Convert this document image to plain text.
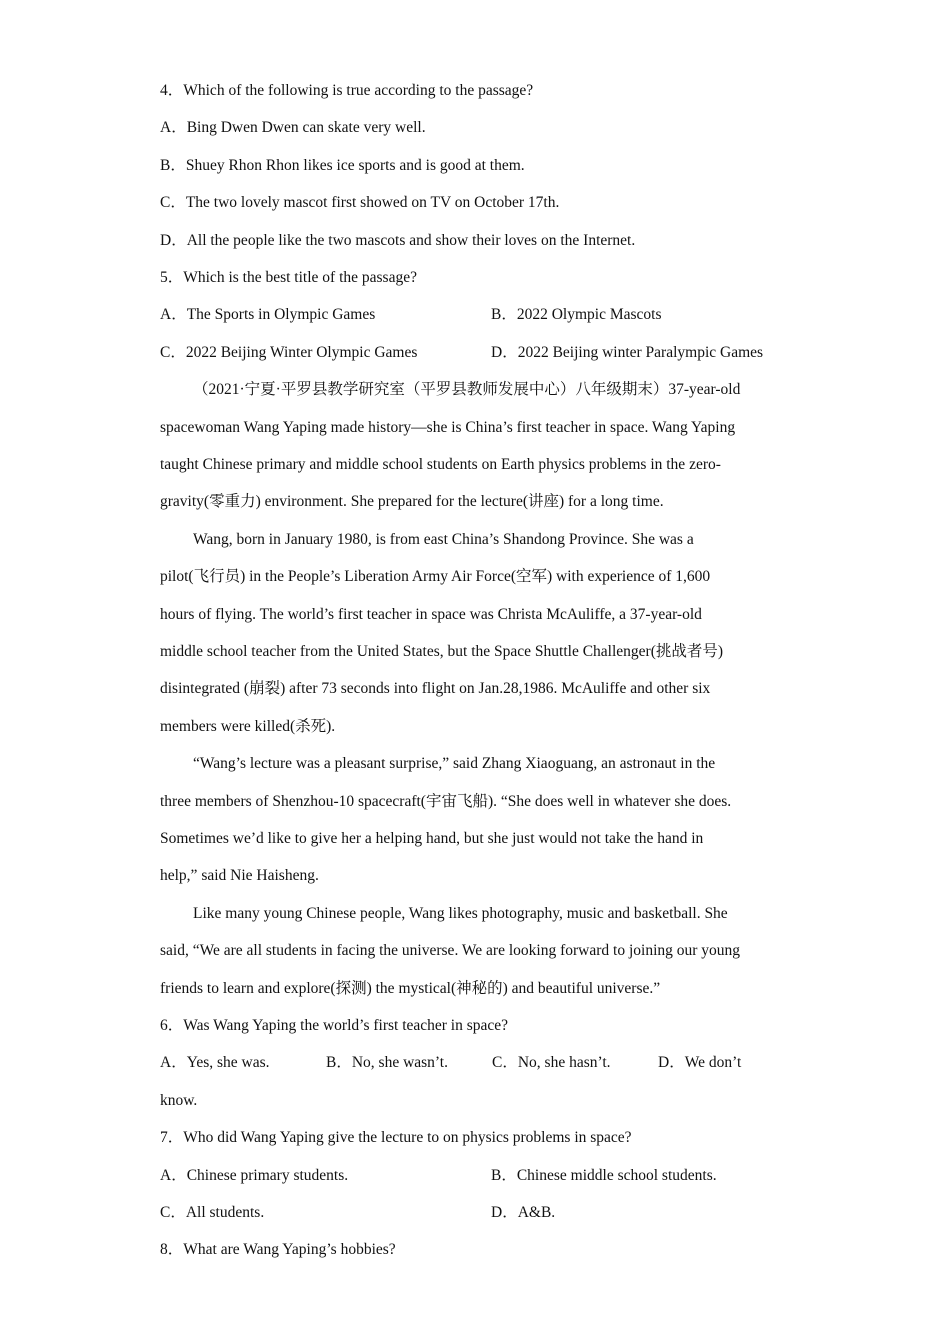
4．Which of the following is true according to the passage?
A．Bing Dwen Dwen can skate very well.
B．Shuey Rhon Rhon likes ice sports and is good at them.
C．The two lovely mascot first showed on TV on October 17th.
D．All the people like the two mascots and show their loves on the Internet.
5．Which is the best title of the passage?
A．The Sports in Olympic Games	B．2022 Olympic Mascots
C．2022 Beijing Winter Olympic Games	D．2022 Beijing winter Paralympic Games
（2021·宁夏·平罗县教学研究室（平罗县教师发展中心）八年级期末）37-year-old
spacewoman Wang Yaping made history—she is China’s first teacher in space. Wang Yaping
taught Chinese primary and middle school students on Earth physics problems in the zero-
gravity(零重力) environment. She prepared for the lecture(讲座) for a long time.
Wang, born in January 1980, is from east China’s Shandong Province. She was a
pilot(飞行员) in the People’s Liberation Army Air Force(空军) with experience of 1,600
hours of flying. The world’s first teacher in space was Christa McAuliffe, a 37-year-old
middle school teacher from the United States, but the Space Shuttle Challenger(挑战者号)
disintegrated (崩裂) after 73 seconds into flight on Jan.28,1986. McAuliffe and other six
members were killed(杀死).
“Wang’s lecture was a pleasant surprise,” said Zhang Xiaoguang, an astronaut in the
three members of Shenzhou-10 spacecraft(宇宙飞船). “She does well in whatever she does.
Sometimes we’d like to give her a helping hand, but she just would not take the hand in
help,” said Nie Haisheng.
Like many young Chinese people, Wang likes photography, music and basketball. She
said, “We are all students in facing the universe. We are looking forward to joining our young
friends to learn and explore(探测) the mystical(神秘的) and beautiful universe.”
6．Was Wang Yaping the world’s first teacher in space?
A．Yes, she was.	B．No, she wasn’t.	C．No, she hasn’t.	D．We don’t
know.
7．Who did Wang Yaping give the lecture to on physics problems in space?
A．Chinese primary students.	B．Chinese middle school students.
C．All students.	D．A&B.
8．What are Wang Yaping’s hobbies?
